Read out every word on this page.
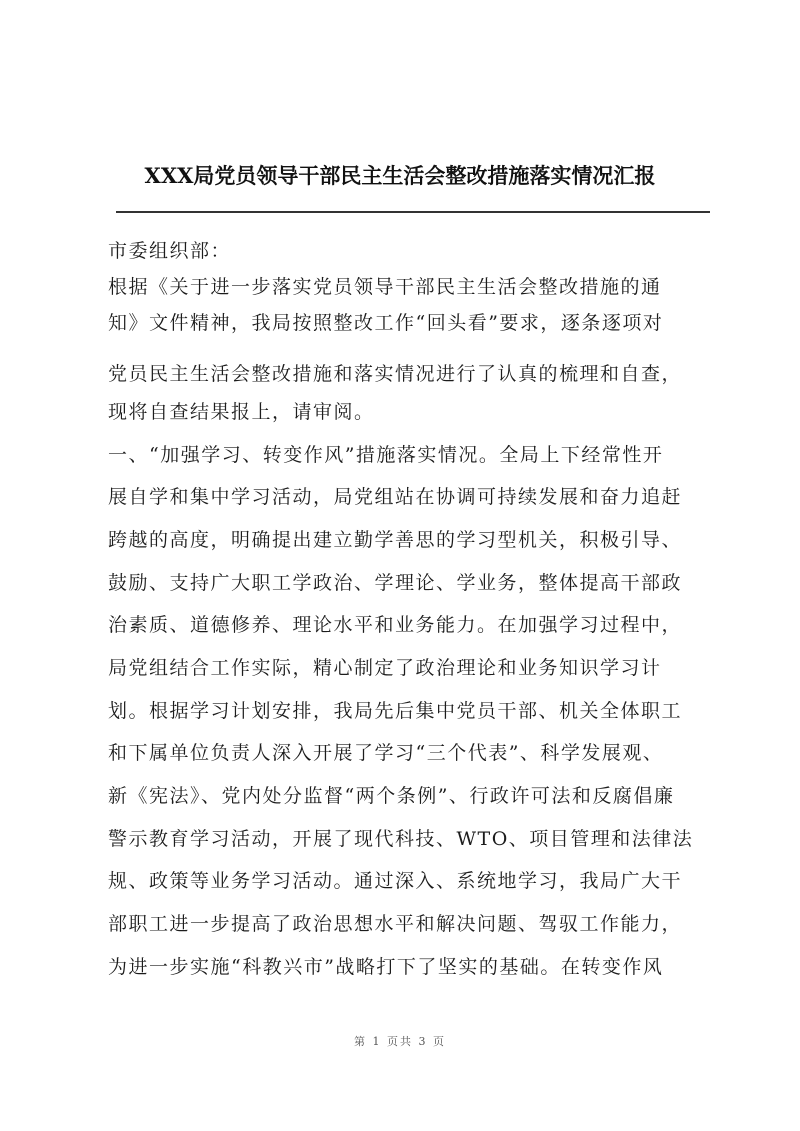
XXX局党员领导干部民主生活会整改措施落实情况汇报
市委组织部：
根据《关于进一步落实党员领导干部民主生活会整改措施的通
知》文件精神，我局按照整改工作“回头看”要求，逐条逐项对
党员民主生活会整改措施和落实情况进行了认真的梳理和自查，
现将自查结果报上，请审阅。
一、“加强学习、转变作风”措施落实情况。全局上下经常性开
展自学和集中学习活动，局党组站在协调可持续发展和奋力追赶
跨越的高度，明确提出建立勤学善思的学习型机关，积极引导、
鼓励、支持广大职工学政治、学理论、学业务，整体提高干部政
治素质、道德修养、理论水平和业务能力。在加强学习过程中，
局党组结合工作实际，精心制定了政治理论和业务知识学习计
划。根据学习计划安排，我局先后集中党员干部、机关全体职工
和下属单位负责人深入开展了学习“三个代表”、科学发展观、
新《宪法》、党内处分监督“两个条例”、行政许可法和反腐倡廉
警示教育学习活动，开展了现代科技、WTO、项目管理和法律法
规、政策等业务学习活动。通过深入、系统地学习，我局广大干
部职工进一步提高了政治思想水平和解决问题、驾驭工作能力，
为进一步实施“科教兴市”战略打下了坚实的基础。在转变作风
第 1 页共 3 页
